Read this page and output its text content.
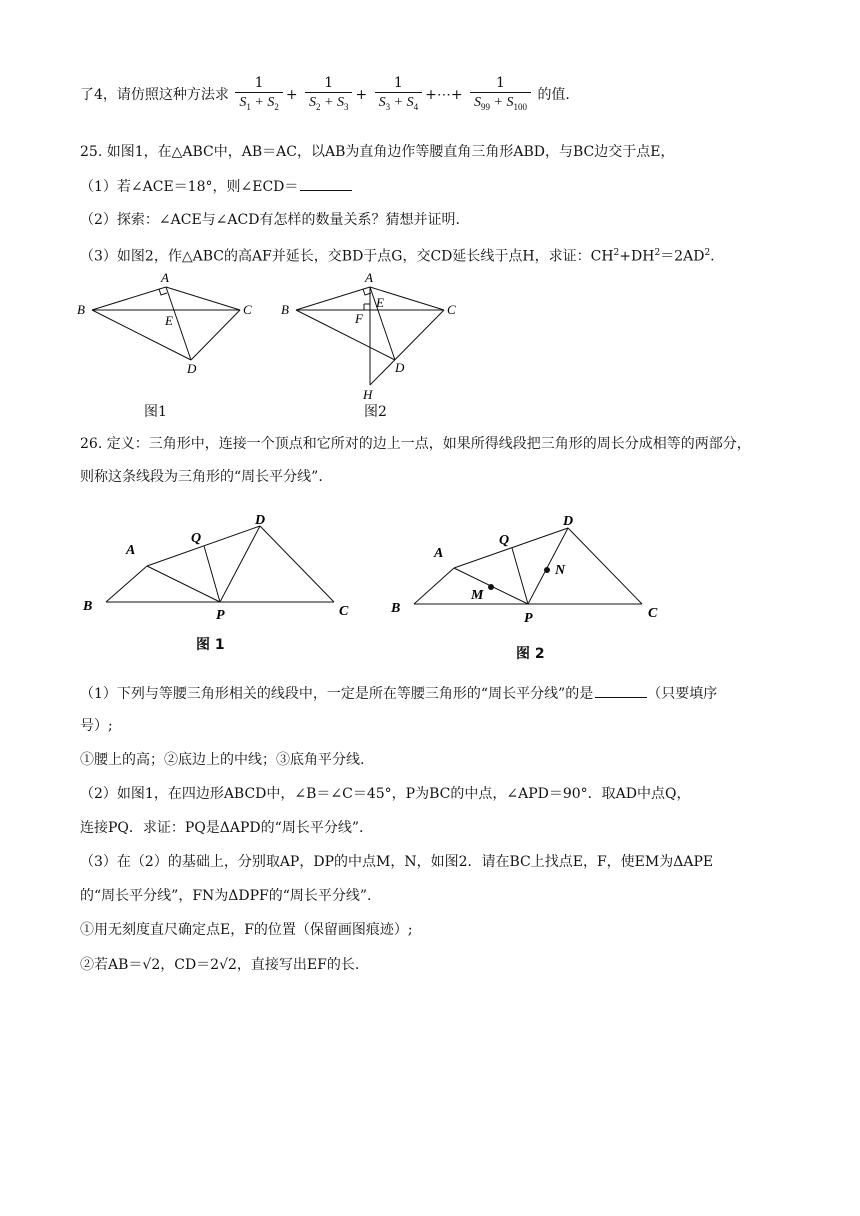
了4，请仿照这种方法求 $\frac{1}{S_1 + S_2} + \frac{1}{S_2 + S_3} + \frac{1}{S_3 + S_4}$ +⋯+ $\frac{1}{S_{99} + S_{100}}$ 的值.
25. 如图1，在△ABC中，AB＝AC，以AB为直角边作等腰直角三角形ABD，与BC边交于点E，
（1）若∠ACE＝18°，则∠ECD＝
（2）探索：∠ACE与∠ACD有怎样的数量关系？猜想并证明.
（3）如图2，作△ABC的高AF并延长，交BD于点G，交CD延长线于点H，求证：$CH^2+DH^2=2AD^2$.
A
B	C
D
E
图1
A
B	C
D
E
F
H
图2
26. 定义：三角形中，连接一个顶点和它所对的边上一点，如果所得线段把三角形的周长分成相等的两部分，
则称这条线段为三角形的“周长平分线”.
A
B	C
D
P
Q
图 1
A
B	C
D
P
Q
M
N
图 2
（1）下列与等腰三角形相关的线段中，一定是所在等腰三角形的“周长平分线”的是	（只要填序
号）;
①腰上的高；②底边上的中线；③底角平分线.
（2）如图1，在四边形ABCD中，∠B＝∠C＝45°，P为BC的中点，∠APD＝90°．取AD中点Q，
连接PQ．求证：PQ是ΔAPD的“周长平分线”.
（3）在（2）的基础上，分别取AP，DP的中点M，N，如图2．请在BC上找点E，F，使EM为ΔAPE
的“周长平分线”，FN为ΔDPF的“周长平分线”.
①用无刻度直尺确定点E，F的位置（保留画图痕迹）;
②若AB＝√2，CD＝2√2，直接写出EF的长.
